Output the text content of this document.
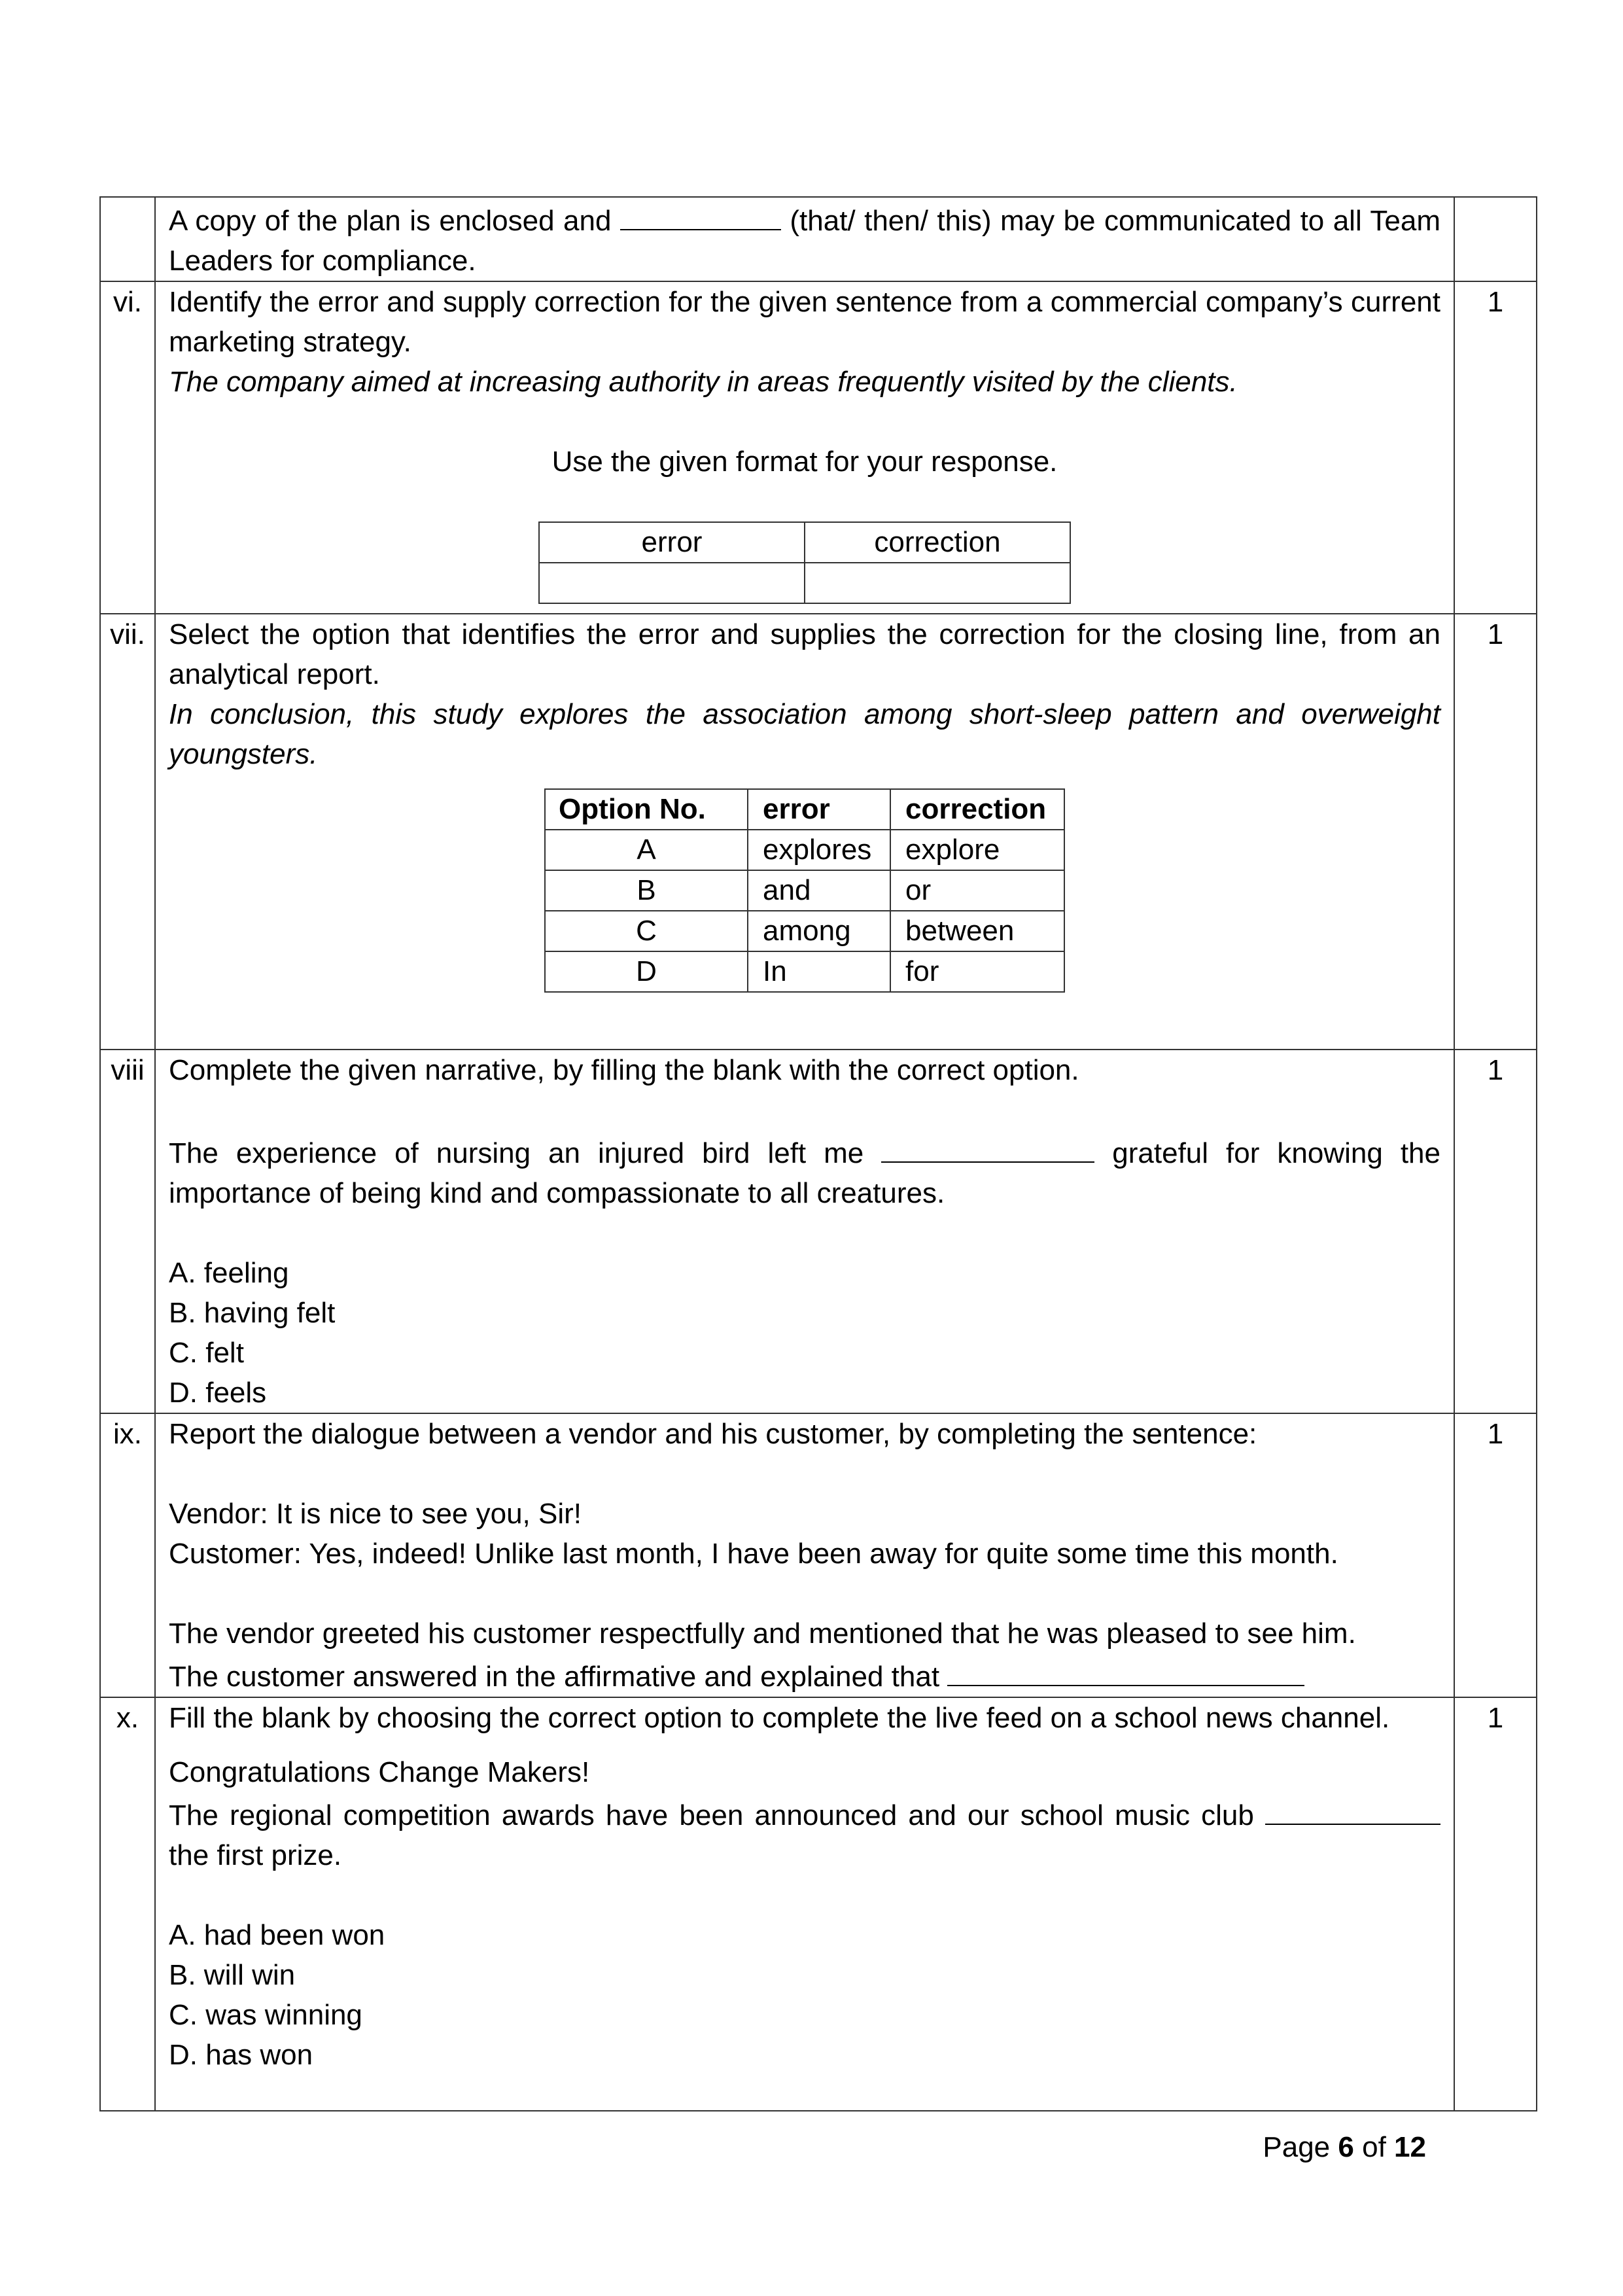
A copy of the plan is enclosed and	(that/ then/ this) may be communicated to all Team Leaders for compliance.

vi.	Identify the error and supply correction for the given sentence from a commercial company’s current marketing strategy.

The company aimed at increasing authority in areas frequently visited by the clients.

Use the given format for your response.

error	correction

	1
vii.	Select the option that identifies the error and supplies the correction for the closing line, from an analytical report.

In conclusion, this study explores the association among short-sleep pattern and overweight youngsters.

Option No.	error	correction
A	explores	explore
B	and	or
C	among	between
D	In	for
	1
viii	Complete the given narrative, by filling the blank with the correct option.

The experience of nursing an injured bird left me	grateful for knowing the importance of being kind and compassionate to all creatures.

A. feeling

B. having felt

C. felt

D. feels

	1
ix.	Report the dialogue between a vendor and his customer, by completing the sentence:

Vendor: It is nice to see you, Sir!

Customer: Yes, indeed! Unlike last month, I have been away for quite some time this month.

The vendor greeted his customer respectfully and mentioned that he was pleased to see him.

The customer answered in the affirmative and explained that

	1
x.	Fill the blank by choosing the correct option to complete the live feed on a school news channel.

Congratulations Change Makers!

The regional competition awards have been announced and our school music club  the first prize.

A. had been won

B. will win

C. was winning

D. has won

	1
Page 6 of 12
